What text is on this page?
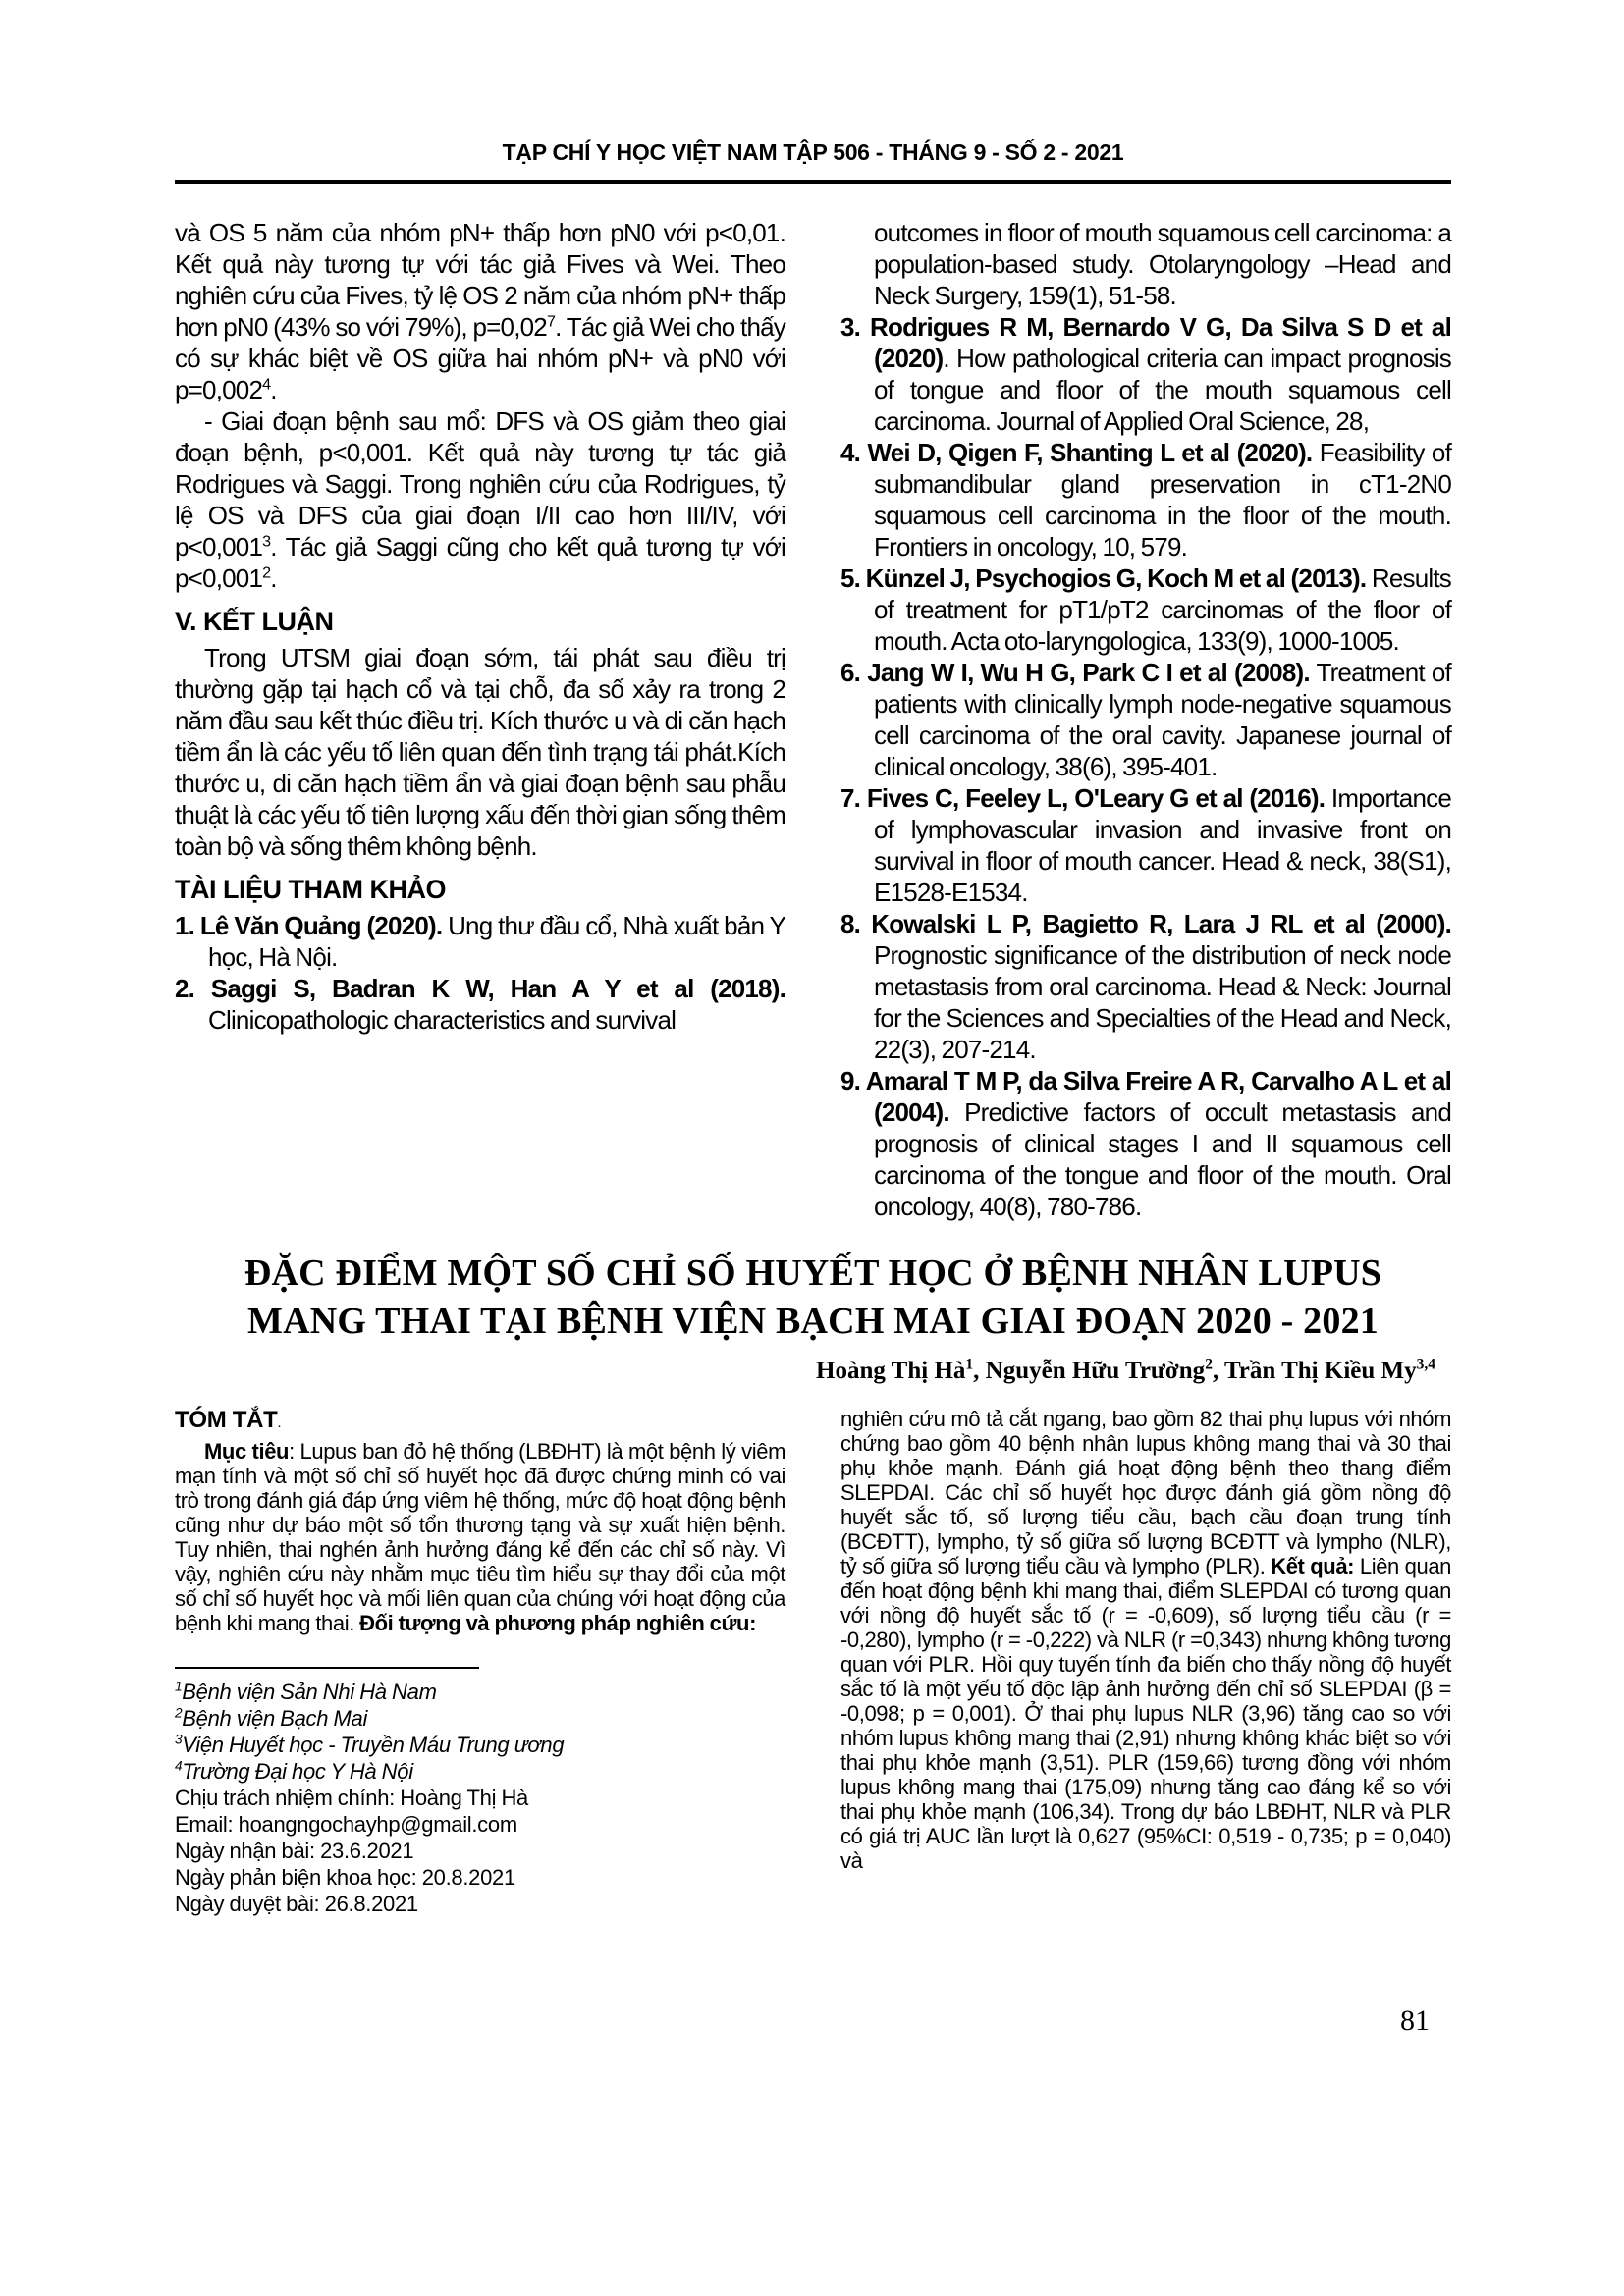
TẠP CHÍ Y HỌC VIỆT NAM TẬP 506 - THÁNG 9 - SỐ 2 - 2021

và OS 5 năm của nhóm pN+ thấp hơn pN0 với p<0,01. Kết quả này tương tự với tác giả Fives và Wei. Theo nghiên cứu của Fives, tỷ lệ OS 2 năm của nhóm pN+ thấp hơn pN0 (43% so với 79%), $p=0,02^7$. Tác giả Wei cho thấy có sự khác biệt về OS giữa hai nhóm pN+ và pN0 với $p=0,002^4$.

- Giai đoạn bệnh sau mổ: DFS và OS giảm theo giai đoạn bệnh, p<0,001. Kết quả này tương tự tác giả Rodrigues và Saggi. Trong nghiên cứu của Rodrigues, tỷ lệ OS và DFS của giai đoạn I/II cao hơn III/IV, với $p<0,001^3$. Tác giả Saggi cũng cho kết quả tương tự với $p<0,001^2$.

V. KẾT LUẬN

Trong UTSM giai đoạn sớm, tái phát sau điều trị thường gặp tại hạch cổ và tại chỗ, đa số xảy ra trong 2 năm đầu sau kết thúc điều trị. Kích thước u và di căn hạch tiềm ẩn là các yếu tố liên quan đến tình trạng tái phát.Kích thước u, di căn hạch tiềm ẩn và giai đoạn bệnh sau phẫu thuật là các yếu tố tiên lượng xấu đến thời gian sống thêm toàn bộ và sống thêm không bệnh.

TÀI LIỆU THAM KHẢO

1. Lê Văn Quảng (2020). Ung thư đầu cổ, Nhà xuất bản Y học, Hà Nội.

2. Saggi S, Badran K W, Han A Y et al (2018). Clinicopathologic characteristics and survival

outcomes in floor of mouth squamous cell carcinoma: a population-based study. Otolaryngology –Head and Neck Surgery, 159(1), 51-58.

3. Rodrigues R M, Bernardo V G, Da Silva S D et al (2020). How pathological criteria can impact prognosis of tongue and floor of the mouth squamous cell carcinoma. Journal of Applied Oral Science, 28,

4. Wei D, Qigen F, Shanting L et al (2020). Feasibility of submandibular gland preservation in cT1-2N0 squamous cell carcinoma in the floor of the mouth. Frontiers in oncology, 10, 579.

5. Künzel J, Psychogios G, Koch M et al (2013). Results of treatment for pT1/pT2 carcinomas of the floor of mouth. Acta oto-laryngologica, 133(9), 1000-1005.

6. Jang W I, Wu H G, Park C I et al (2008). Treatment of patients with clinically lymph node-negative squamous cell carcinoma of the oral cavity. Japanese journal of clinical oncology, 38(6), 395-401.

7. Fives C, Feeley L, O'Leary G et al (2016). Importance of lymphovascular invasion and invasive front on survival in floor of mouth cancer. Head & neck, 38(S1), E1528-E1534.

8. Kowalski L P, Bagietto R, Lara J RL et al (2000). Prognostic significance of the distribution of neck node metastasis from oral carcinoma. Head & Neck: Journal for the Sciences and Specialties of the Head and Neck, 22(3), 207-214.

9. Amaral T M P, da Silva Freire A R, Carvalho A L et al (2004). Predictive factors of occult metastasis and prognosis of clinical stages I and II squamous cell carcinoma of the tongue and floor of the mouth. Oral oncology, 40(8), 780-786.

ĐẶC ĐIỂM MỘT SỐ CHỈ SỐ HUYẾT HỌC Ở BỆNH NHÂN LUPUS
MANG THAI TẠI BỆNH VIỆN BẠCH MAI GIAI ĐOẠN 2020 - 2021
Hoàng Thị $Hà^1$, Nguyễn Hữu Trường$^2$, Trần Thị Kiều My$^{3,4}$
TÓM TẮT.

Mục tiêu: Lupus ban đỏ hệ thống (LBĐHT) là một bệnh lý viêm mạn tính và một số chỉ số huyết học đã được chứng minh có vai trò trong đánh giá đáp ứng viêm hệ thống, mức độ hoạt động bệnh cũng như dự báo một số tổn thương tạng và sự xuất hiện bệnh. Tuy nhiên, thai nghén ảnh hưởng đáng kể đến các chỉ số này. Vì vậy, nghiên cứu này nhằm mục tiêu tìm hiểu sự thay đổi của một số chỉ số huyết học và mối liên quan của chúng với hoạt động của bệnh khi mang thai. Đối tượng và phương pháp nghiên cứu:

$^1$Bệnh viện Sản Nhi Hà Nam

$^2$Bệnh viện Bạch Mai

$^3$Viện Huyết học - Truyền Máu Trung ương

$^4$Trường Đại học Y Hà Nội

Chịu trách nhiệm chính: Hoàng Thị Hà

Email: hoangngochayhp@gmail.com

Ngày nhận bài: 23.6.2021

Ngày phản biện khoa học: 20.8.2021

Ngày duyệt bài: 26.8.2021

nghiên cứu mô tả cắt ngang, bao gồm 82 thai phụ lupus với nhóm chứng bao gồm 40 bệnh nhân lupus không mang thai và 30 thai phụ khỏe mạnh. Đánh giá hoạt động bệnh theo thang điểm SLEPDAI. Các chỉ số huyết học được đánh giá gồm nồng độ huyết sắc tố, số lượng tiểu cầu, bạch cầu đoạn trung tính (BCĐTT), lympho, tỷ số giữa số lượng BCĐTT và lympho (NLR), tỷ số giữa số lượng tiểu cầu và lympho (PLR). Kết quả: Liên quan đến hoạt động bệnh khi mang thai, điểm SLEPDAI có tương quan với nồng độ huyết sắc tố (r = -0,609), số lượng tiểu cầu (r = -0,280), lympho (r = -0,222) và NLR (r =0,343) nhưng không tương quan với PLR. Hồi quy tuyến tính đa biến cho thấy nồng độ huyết sắc tố là một yếu tố độc lập ảnh hưởng đến chỉ số SLEPDAI (β = -0,098; p = 0,001). Ở thai phụ lupus NLR (3,96) tăng cao so với nhóm lupus không mang thai (2,91) nhưng không khác biệt so với thai phụ khỏe mạnh (3,51). PLR (159,66) tương đồng với nhóm lupus không mang thai (175,09) nhưng tăng cao đáng kể so với thai phụ khỏe mạnh (106,34). Trong dự báo LBĐHT, NLR và PLR có giá trị AUC lần lượt là 0,627 (95%CI: 0,519 - 0,735; p = 0,040) và

81
